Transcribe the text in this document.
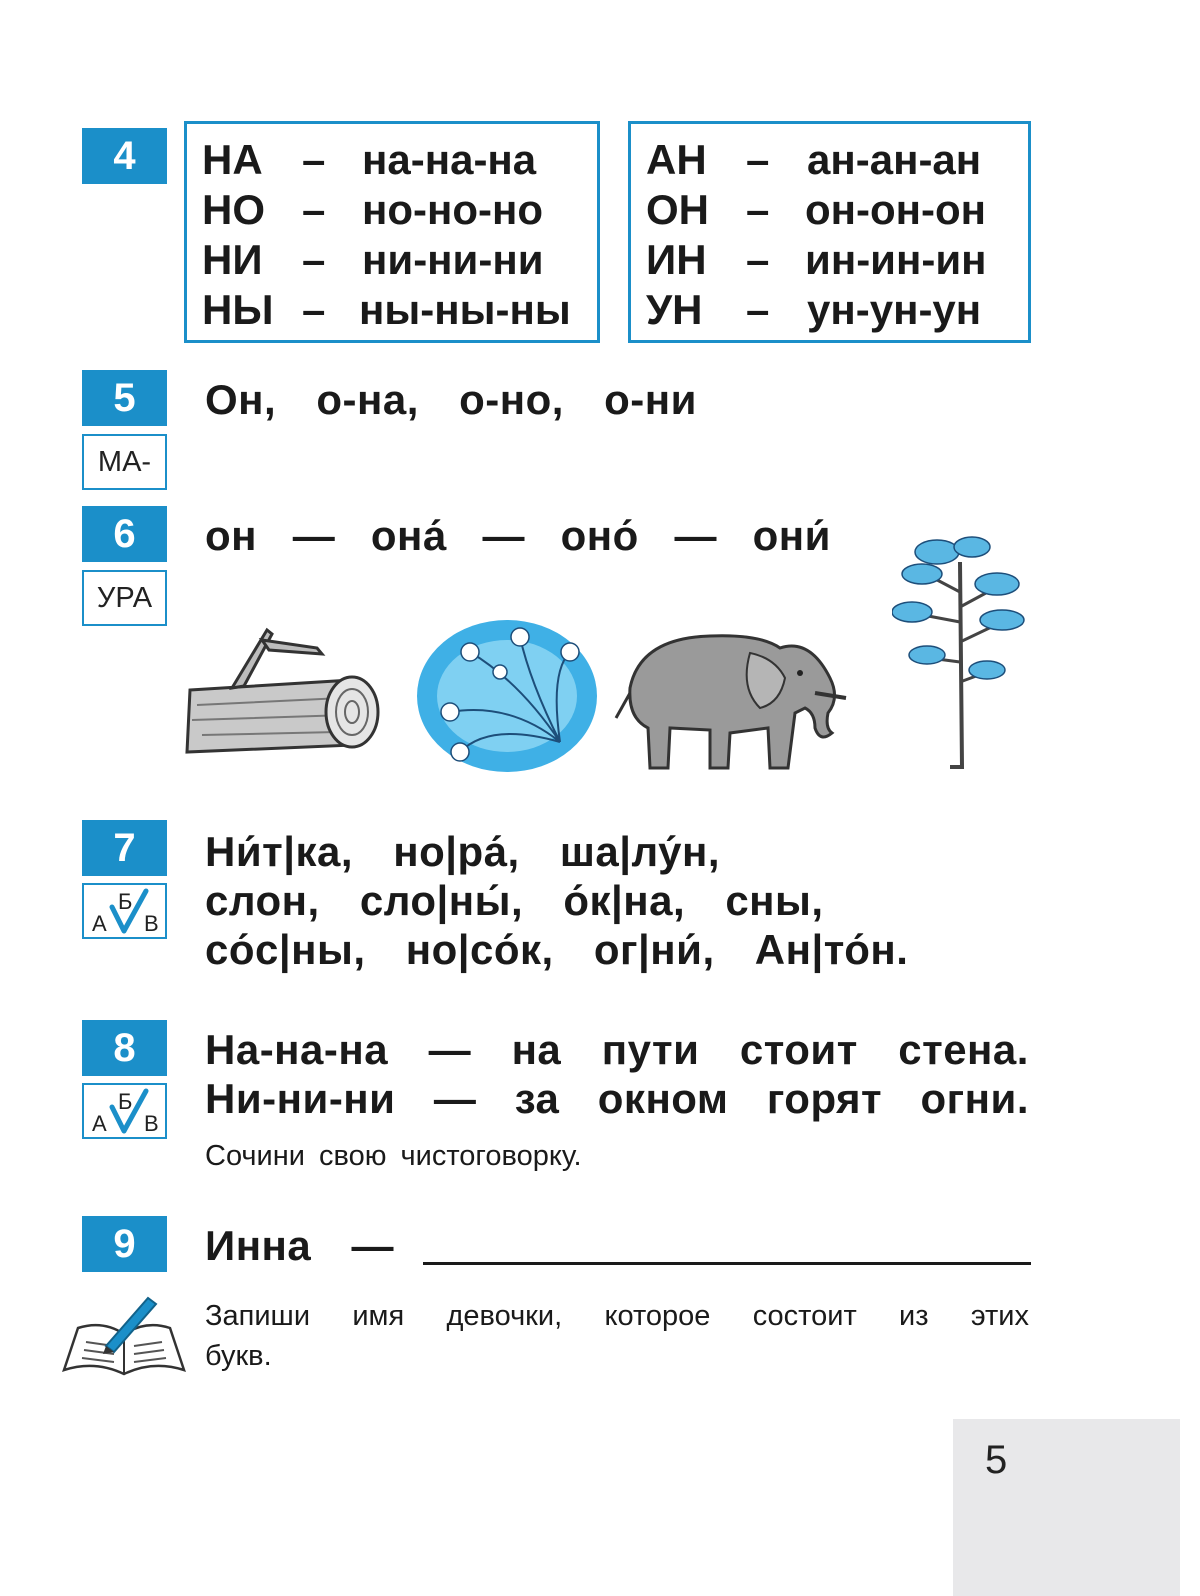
4	НА – на-на-на
НО – но-но-но
НИ – ни-ни-ни
НЫ – ны-ны-ны
АН – ан-ан-ан
ОН – он-он-он
ИН – ин-ин-ин
УН – ун-ун-ун
5
МА-
Он, о-на, о-но, о-ни
6
УРА
он — она́ — оно́ — они́
7
А
Б
В
Ни́т|ка, но|ра́, ша|лу́н,
слон, сло|ны́, о́к|на, сны,
со́с|ны, но|со́к, ог|ни́, Ан|то́н.
8
А
Б
В
На-на-на — на пути стоит стена.
Ни-ни-ни — за окном горят огни.
Сочини свою чистоговорку.
9	Инна —
Запиши имя девочки, которое состоит из этих
букв.
5
